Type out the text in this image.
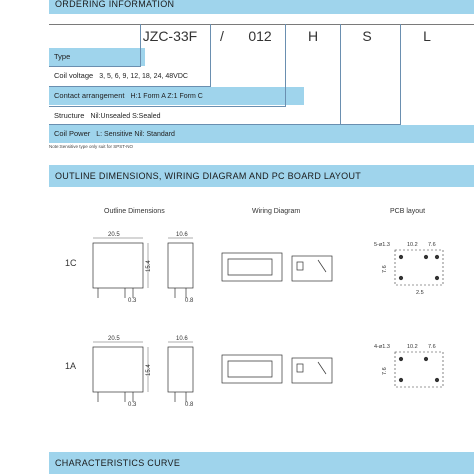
ORDERING INFORMATION
JZC-33F	/	012	H	S	L
Type
Coil voltage 3, 5, 6, 9, 12, 18, 24, 48VDC
Contact arrangement H:1 Form A Z:1 Form C
Structure Nil:Unsealed S:Sealed
Coil Power L: Sensitive Nil: Standard
Note:Sensitive type only suit for SPST-NO
OUTLINE DIMENSIONS, WIRING DIAGRAM AND PC BOARD LAYOUT
Outline Dimensions	Wiring Diagram	PCB layout
1C
1A
20.5
15.4
0.3
10.6
0.8
5-ø1.3	10.2 7.6
7.6
2.5
20.5
15.4
0.3
10.6
0.8
4-ø1.3	10.2 7.6
7.6
CHARACTERISTICS CURVE
